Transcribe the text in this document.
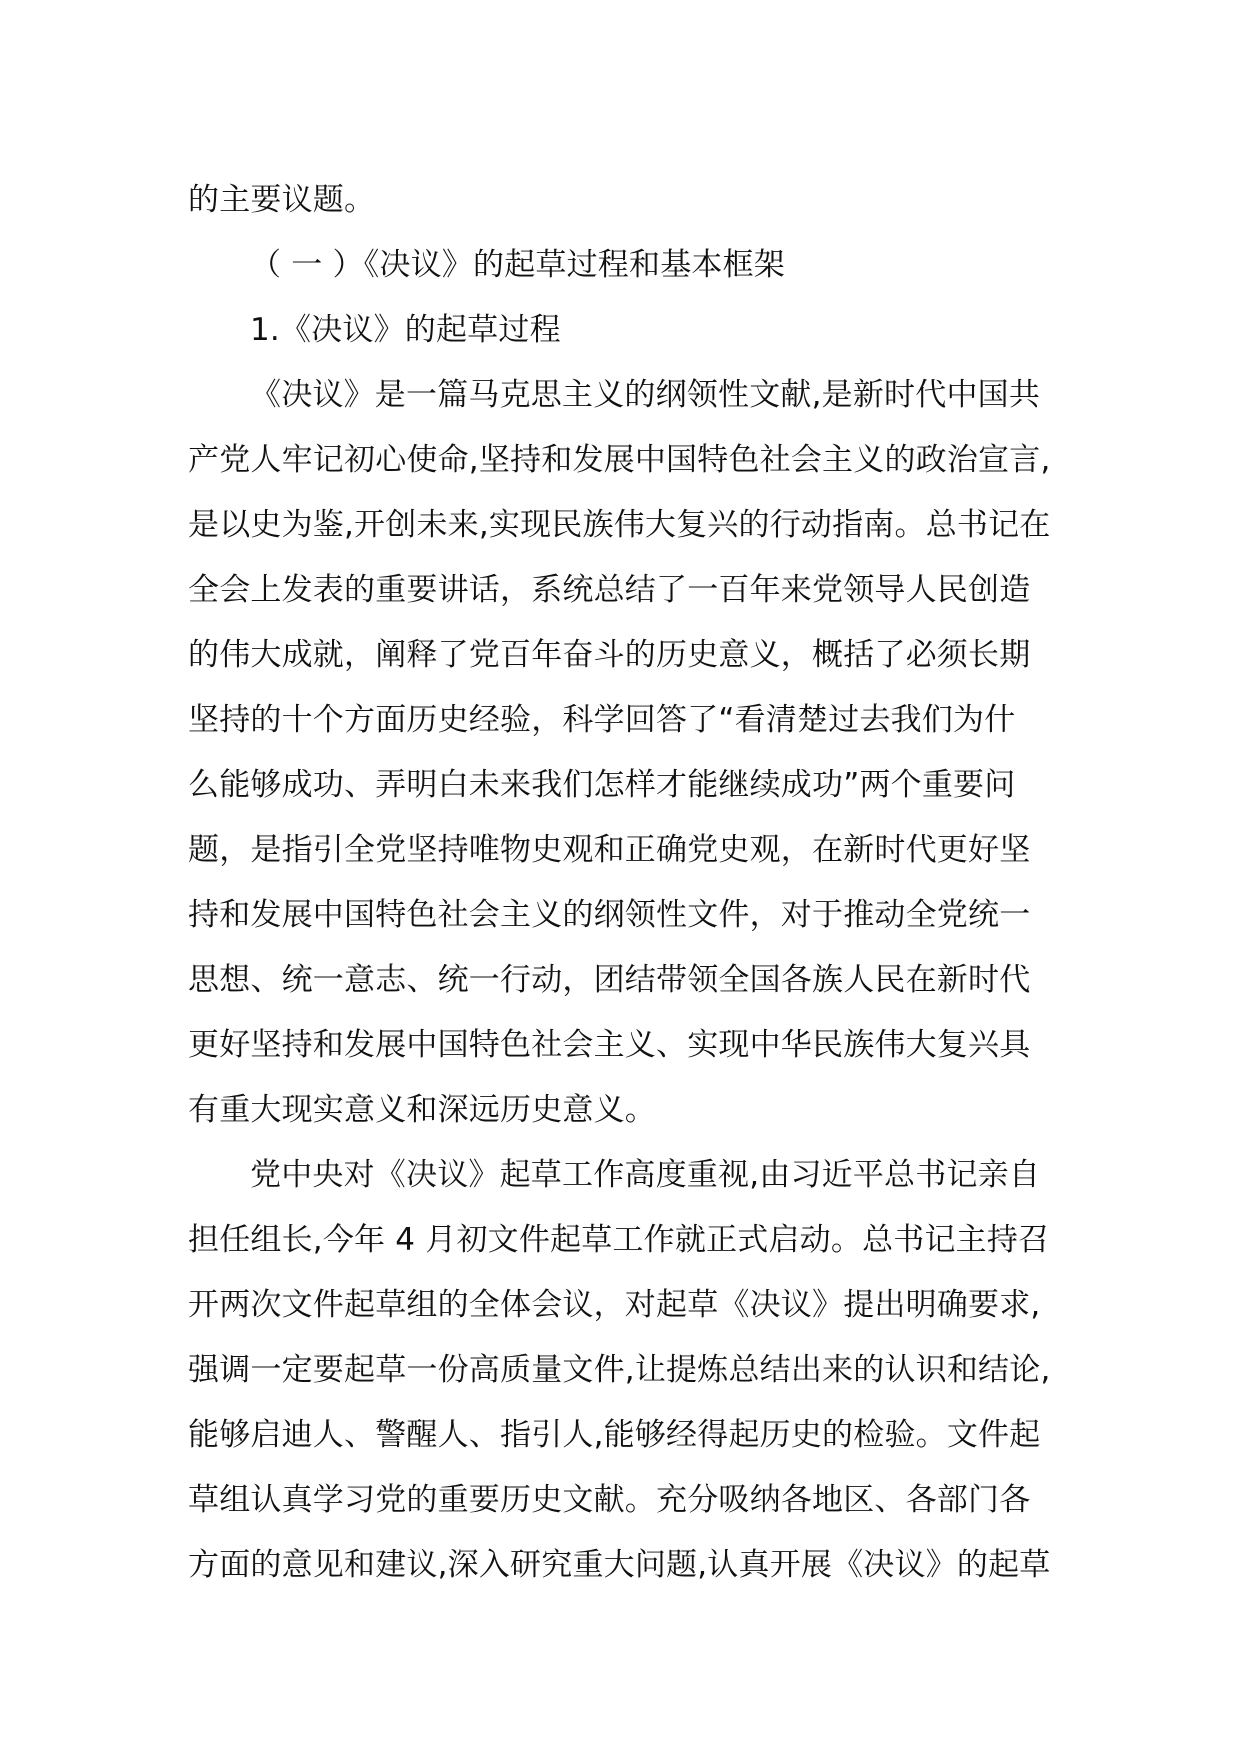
的主要议题。
（ 一 ）《决议》的起草过程和基本框架
1.《决议》的起草过程
《决议》是一篇马克思主义的纲领性文献,是新时代中国共
产党人牢记初心使命,坚持和发展中国特色社会主义的政治宣言,
是以史为鉴,开创未来,实现民族伟大复兴的行动指南。总书记在
全会上发表的重要讲话，系统总结了一百年来党领导人民创造
的伟大成就，阐释了党百年奋斗的历史意义，概括了必须长期
坚持的十个方面历史经验，科学回答了“看清楚过去我们为什
么能够成功、弄明白未来我们怎样才能继续成功”两个重要问
题，是指引全党坚持唯物史观和正确党史观，在新时代更好坚
持和发展中国特色社会主义的纲领性文件，对于推动全党统一
思想、统一意志、统一行动，团结带领全国各族人民在新时代
更好坚持和发展中国特色社会主义、实现中华民族伟大复兴具
有重大现实意义和深远历史意义。
党中央对《决议》起草工作高度重视,由习近平总书记亲自
担任组长,今年 4 月初文件起草工作就正式启动。总书记主持召
开两次文件起草组的全体会议，对起草《决议》提出明确要求,
强调一定要起草一份高质量文件,让提炼总结出来的认识和结论,
能够启迪人、警醒人、指引人,能够经得起历史的检验。文件起
草组认真学习党的重要历史文献。充分吸纳各地区、各部门各
方面的意见和建议,深入研究重大问题,认真开展《决议》的起草
